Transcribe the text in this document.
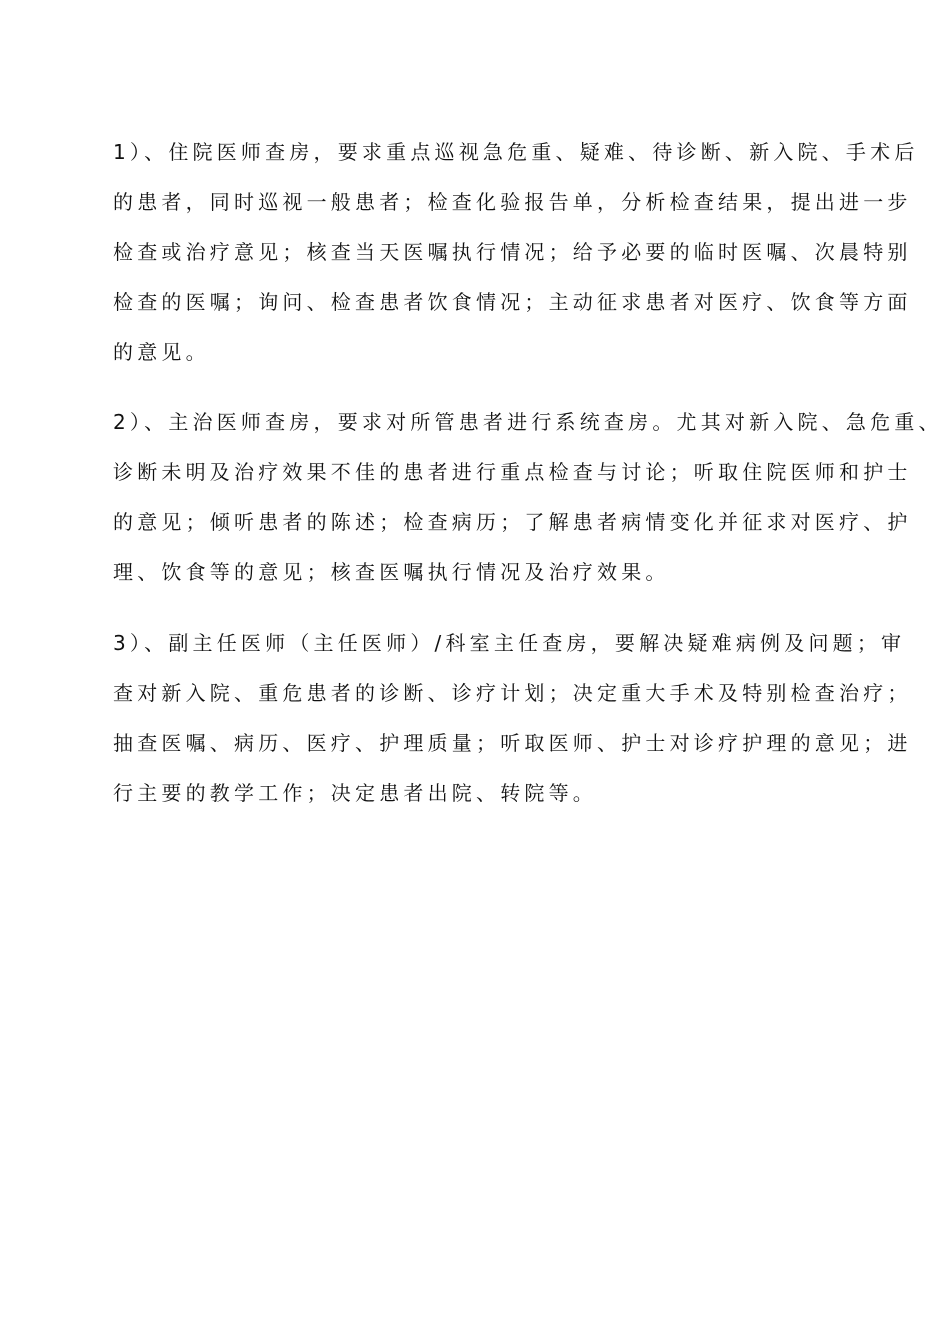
1）、住院医师查房，要求重点巡视急危重、疑难、待诊断、新入院、手术后
的患者，同时巡视一般患者；检查化验报告单，分析检查结果，提出进一步
检查或治疗意见；核查当天医嘱执行情况；给予必要的临时医嘱、次晨特别
检查的医嘱；询问、检查患者饮食情况；主动征求患者对医疗、饮食等方面
的意见。
2）、主治医师查房，要求对所管患者进行系统查房。尤其对新入院、急危重、
诊断未明及治疗效果不佳的患者进行重点检查与讨论；听取住院医师和护士
的意见；倾听患者的陈述；检查病历；了解患者病情变化并征求对医疗、护
理、饮食等的意见；核查医嘱执行情况及治疗效果。
3）、副主任医师（主任医师）/科室主任查房，要解决疑难病例及问题；审
查对新入院、重危患者的诊断、诊疗计划；决定重大手术及特别检查治疗；
抽查医嘱、病历、医疗、护理质量；听取医师、护士对诊疗护理的意见；进
行主要的教学工作；决定患者出院、转院等。
